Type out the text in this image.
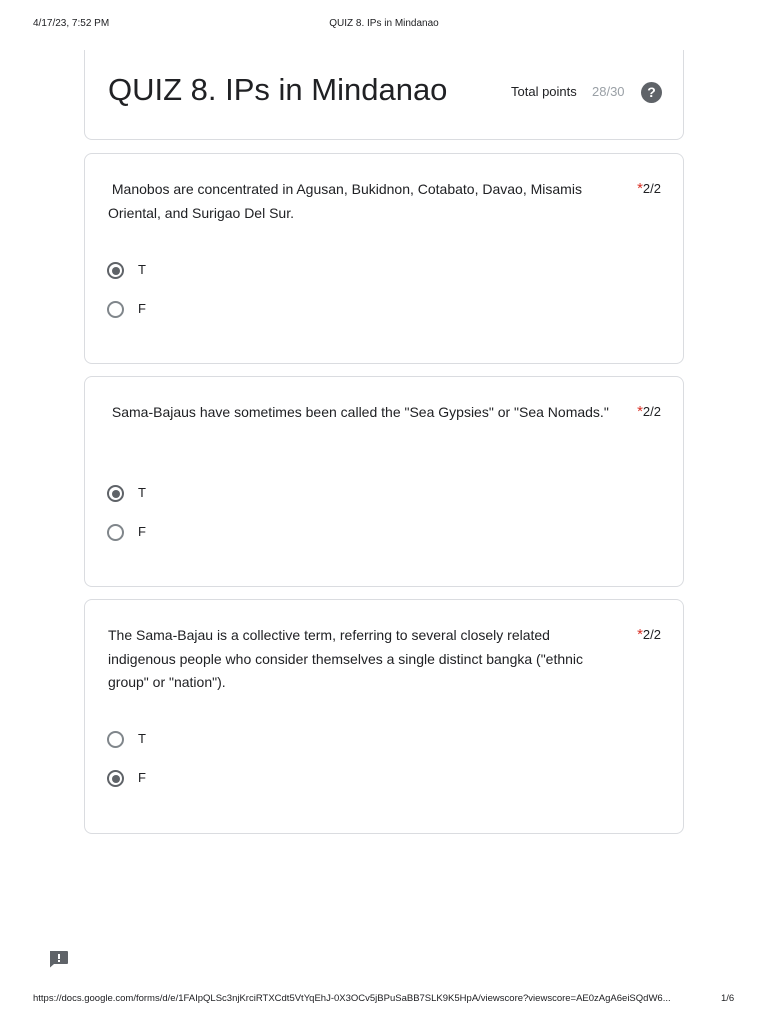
4/17/23, 7:52 PM	QUIZ 8. IPs in Mindanao
QUIZ 8. IPs in Mindanao	Total points 28/30	?
Manobos are concentrated in Agusan, Bukidnon, Cotabato, Davao, Misamis Oriental, and Surigao Del Sur.
*2/2
T
F
Sama-Bajaus have sometimes been called the "Sea Gypsies" or "Sea Nomads."	*2/2
T
F
The Sama-Bajau is a collective term, referring to several closely related indigenous people who consider themselves a single distinct bangka ("ethnic group" or "nation").
*2/2
T
F
https://docs.google.com/forms/d/e/1FAIpQLSc3njKrciRTXCdt5VtYqEhJ-0X3OCv5jBPuSaBB7SLK9K5HpA/viewscore?viewscore=AE0zAgA6eiSQdW6...	1/6
